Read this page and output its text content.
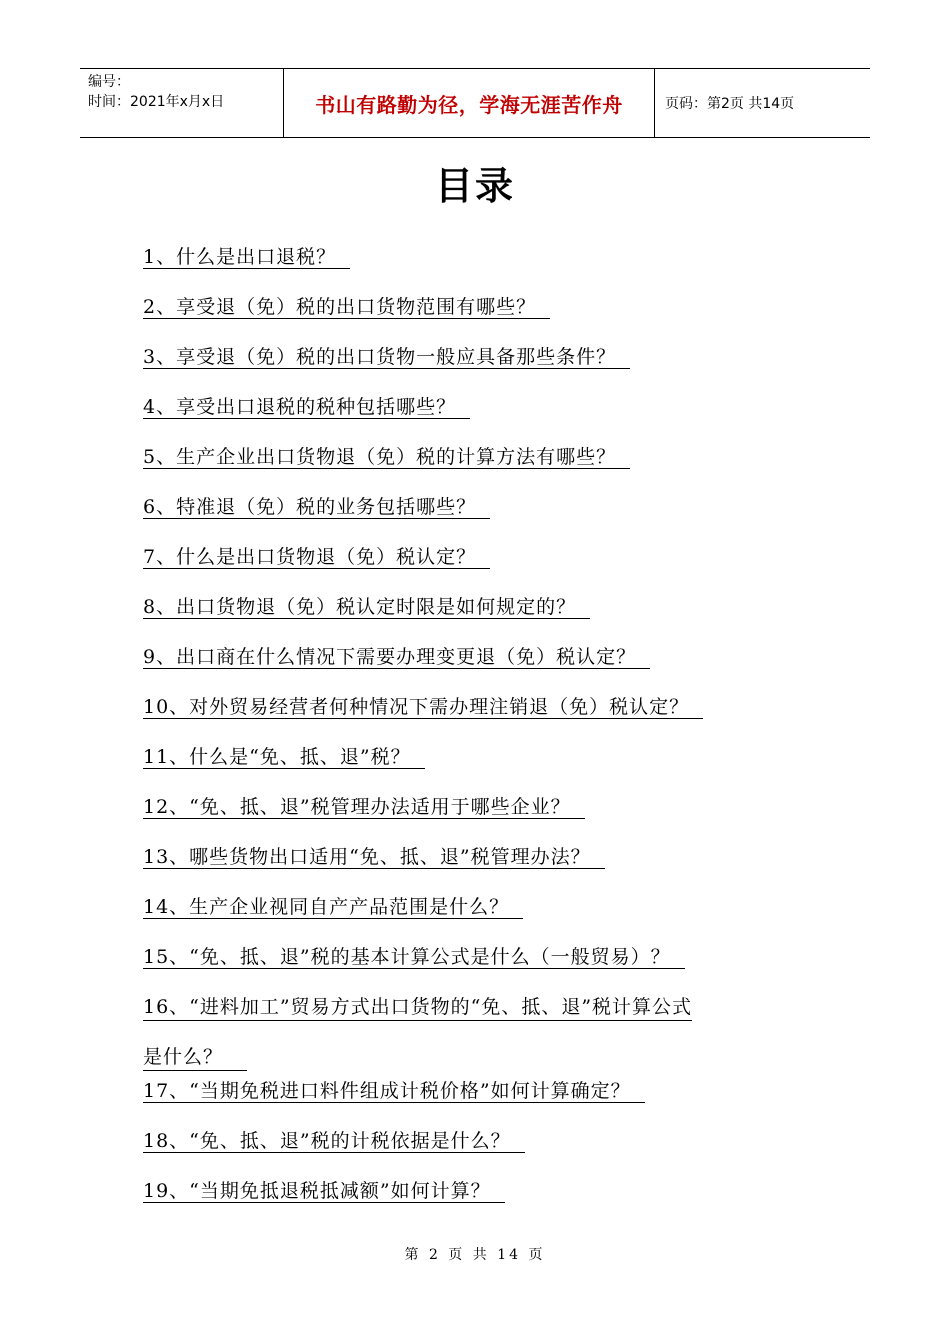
编号：
时间：2021年x月x日	书山有路勤为径，学海无涯苦作舟	页码：第2页 共14页
目录
1、什么是出口退税？
2、享受退（免）税的出口货物范围有哪些？
3、享受退（免）税的出口货物一般应具备那些条件？
4、享受出口退税的税种包括哪些？
5、生产企业出口货物退（免）税的计算方法有哪些？
6、特准退（免）税的业务包括哪些？
7、什么是出口货物退（免）税认定？
8、出口货物退（免）税认定时限是如何规定的？
9、出口商在什么情况下需要办理变更退（免）税认定？
10、对外贸易经营者何种情况下需办理注销退（免）税认定？
11、什么是“免、抵、退”税？
12、“免、抵、退”税管理办法适用于哪些企业？
13、哪些货物出口适用“免、抵、退”税管理办法？
14、生产企业视同自产产品范围是什么？
15、“免、抵、退”税的基本计算公式是什么（一般贸易）？
16、“进料加工”贸易方式出口货物的“免、抵、退”税计算公式
是什么？
17、“当期免税进口料件组成计税价格”如何计算确定？
18、“免、抵、退”税的计税依据是什么？
19、“当期免抵退税抵减额”如何计算？
第 2 页 共 14 页
